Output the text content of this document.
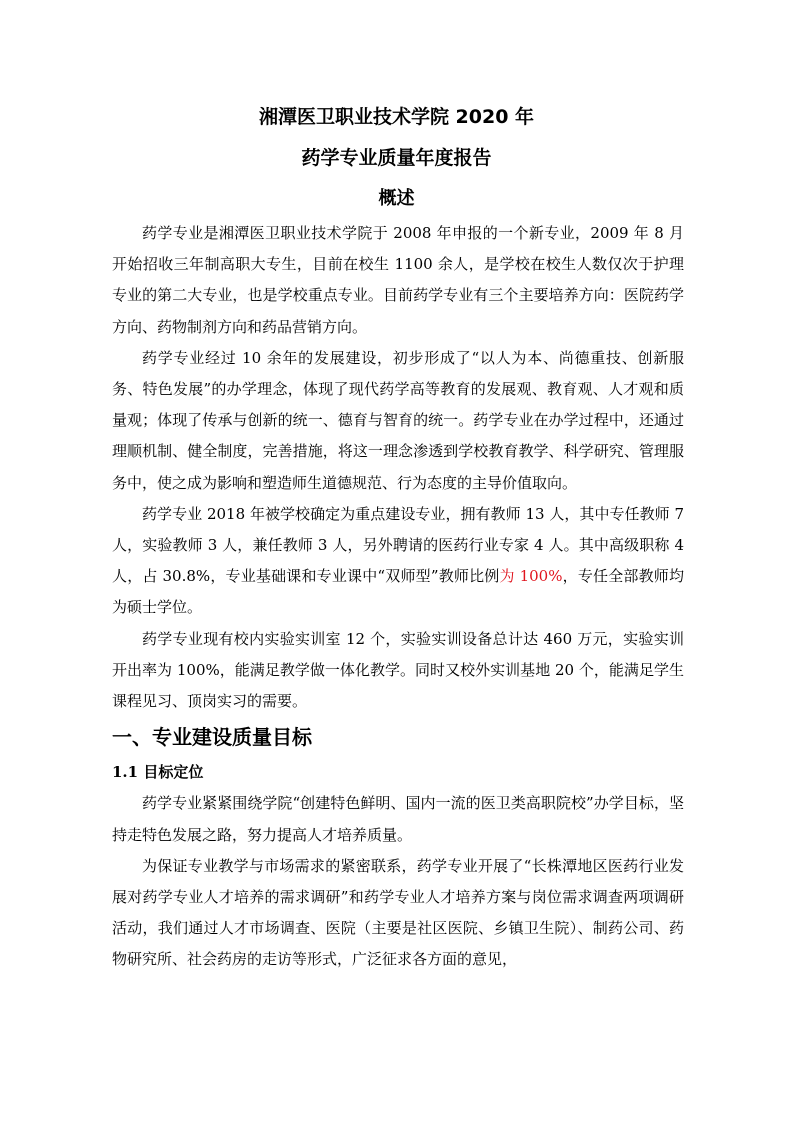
湘潭医卫职业技术学院 2020 年
药学专业质量年度报告
概述

药学专业是湘潭医卫职业技术学院于 2008 年申报的一个新专业，2009 年 8 月开始招收三年制高职大专生，目前在校生 1100 余人，是学校在校生人数仅次于护理专业的第二大专业，也是学校重点专业。目前药学专业有三个主要培养方向：医院药学方向、药物制剂方向和药品营销方向。

药学专业经过 10 余年的发展建设，初步形成了“以人为本、尚德重技、创新服务、特色发展”的办学理念，体现了现代药学高等教育的发展观、教育观、人才观和质量观；体现了传承与创新的统一、德育与智育的统一。药学专业在办学过程中，还通过理顺机制、健全制度，完善措施，将这一理念渗透到学校教育教学、科学研究、管理服务中，使之成为影响和塑造师生道德规范、行为态度的主导价值取向。

药学专业 2018 年被学校确定为重点建设专业，拥有教师 13 人，其中专任教师 7 人，实验教师 3 人，兼任教师 3 人，另外聘请的医药行业专家 4 人。其中高级职称 4 人，占 30.8%，专业基础课和专业课中“双师型”教师比例为 100%，专任全部教师均为硕士学位。

药学专业现有校内实验实训室 12 个，实验实训设备总计达 460 万元，实验实训开出率为 100%，能满足教学做一体化教学。同时又校外实训基地 20 个，能满足学生课程见习、顶岗实习的需要。

一、专业建设质量目标
1.1 目标定位

药学专业紧紧围绕学院“创建特色鲜明、国内一流的医卫类高职院校”办学目标，坚持走特色发展之路，努力提高人才培养质量。

为保证专业教学与市场需求的紧密联系，药学专业开展了“长株潭地区医药行业发展对药学专业人才培养的需求调研”和药学专业人才培养方案与岗位需求调查两项调研活动，我们通过人才市场调查、医院（主要是社区医院、乡镇卫生院）、制药公司、药物研究所、社会药房的走访等形式，广泛征求各方面的意见，
